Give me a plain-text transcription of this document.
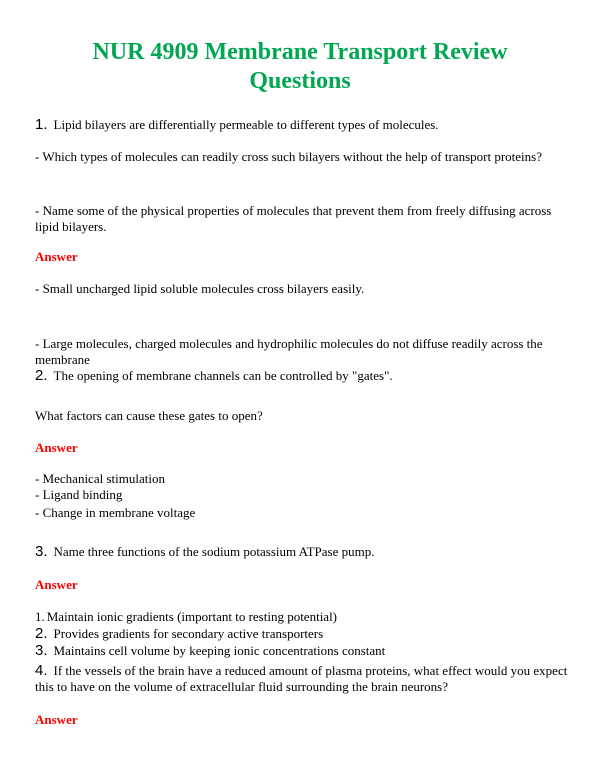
NUR 4909 Membrane Transport Review
Questions
1. Lipid bilayers are differentially permeable to different types of molecules.
- Which types of molecules can readily cross such bilayers without the help of transport proteins?
- Name some of the physical properties of molecules that prevent them from freely diffusing across lipid bilayers.
Answer
- Small uncharged lipid soluble molecules cross bilayers easily.
- Large molecules, charged molecules and hydrophilic molecules do not diffuse readily across the membrane
2. The opening of membrane channels can be controlled by "gates".
What factors can cause these gates to open?
Answer
- Mechanical stimulation
- Ligand binding
- Change in membrane voltage
3. Name three functions of the sodium potassium ATPase pump.
Answer
1. Maintain ionic gradients (important to resting potential)
2. Provides gradients for secondary active transporters
3. Maintains cell volume by keeping ionic concentrations constant
4. If the vessels of the brain have a reduced amount of plasma proteins, what effect would you expect this to have on the volume of extracellular fluid surrounding the brain neurons?
Answer
